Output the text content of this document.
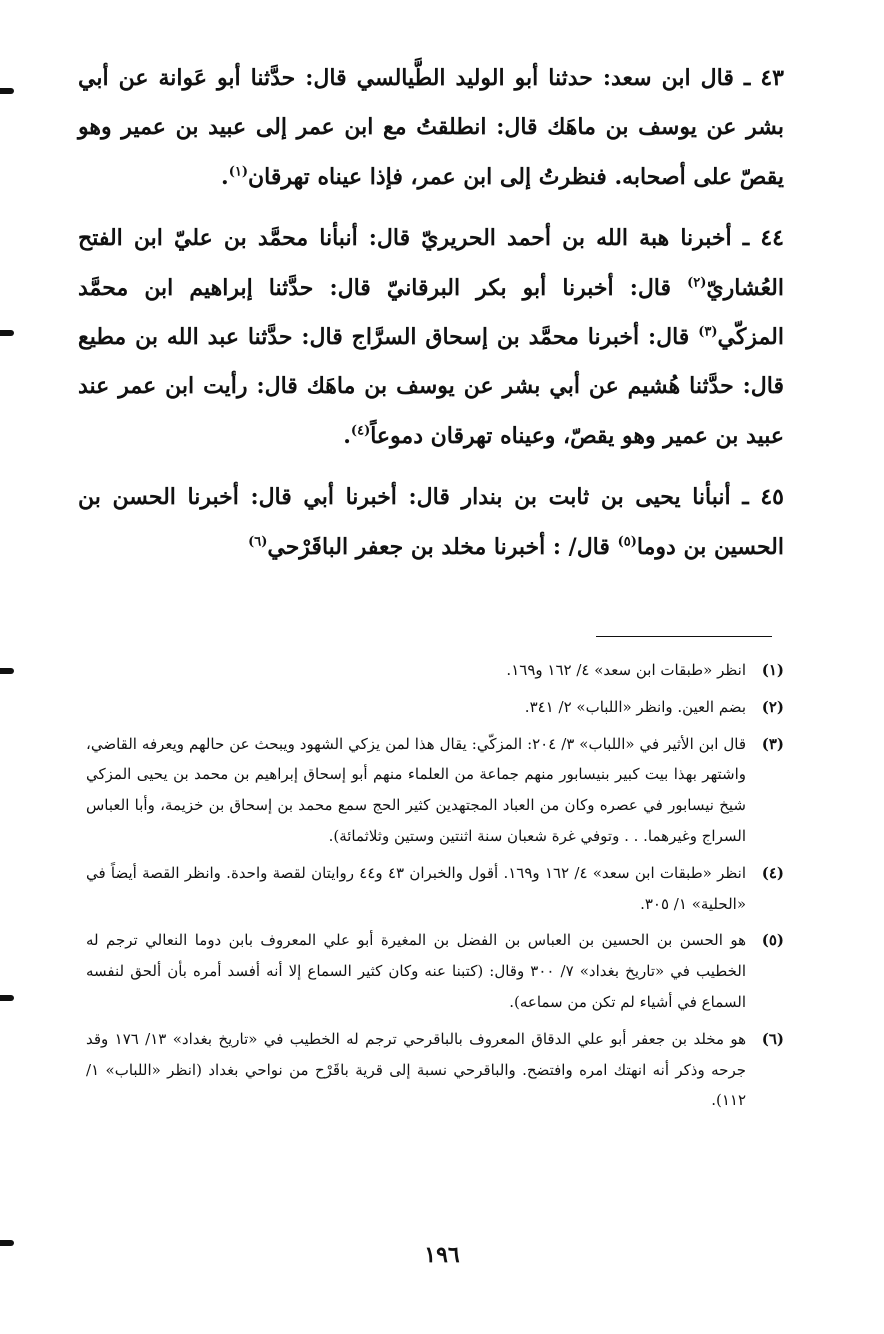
٤٣ ـ قال ابن سعد: حدثنا أبو الوليد الطَّيالسي قال: حدَّثنا أبو عَوانة عن أبي بشر عن يوسف بن ماهَك قال: انطلقتُ مع ابن عمر إلى عبيد بن عمير وهو يقصّ على أصحابه. فنظرتُ إلى ابن عمر، فإذا عيناه تهرقان$^{(١)}$.

٤٤ ـ أخبرنا هبة الله بن أحمد الحريريّ قال: أنبأنا محمَّد بن عليّ ابن الفتح العُشاريّ$^{(٢)}$ قال: أخبرنا أبو بكر البرقانيّ قال: حدَّثنا إبراهيم ابن محمَّد المزكّي$^{(٣)}$ قال: أخبرنا محمَّد بن إسحاق السرَّاج قال: حدَّثنا عبد الله بن مطيع قال: حدَّثنا هُشيم عن أبي بشر عن يوسف بن ماهَك قال: رأيت ابن عمر عند عبيد بن عمير وهو يقصّ، وعيناه تهرقان دموعاً$^{(٤)}$.

٤٥ ـ أنبأنا يحيى بن ثابت بن بندار قال: أخبرنا أبي قال: أخبرنا الحسن بن الحسين بن دوما$^{(٥)}$ قال/ : أخبرنا مخلد بن جعفر الباقَرْحي$^{(٦)}$

(١)
انظر «طبقات ابن سعد» ٤/ ١٦٢ و١٦٩.
(٢)
بضم العين. وانظر «اللباب» ٢/ ٣٤١.
(٣)
قال ابن الأثير في «اللباب» ٣/ ٢٠٤: المزكّي: يقال هذا لمن يزكي الشهود ويبحث عن حالهم ويعرفه القاضي، واشتهر بهذا بيت كبير بنيسابور منهم جماعة من العلماء منهم أبو إسحاق إبراهيم بن محمد بن يحيى المزكي شيخ نيسابور في عصره وكان من العباد المجتهدين كثير الحج سمع محمد بن إسحاق بن خزيمة، وأبا العباس السراج وغيرهما. . . وتوفي غرة شعبان سنة اثنتين وستين وثلاثمائة).
(٤)
انظر «طبقات ابن سعد» ٤/ ١٦٢ و١٦٩. أقول والخبران ٤٣ و٤٤ روايتان لقصة واحدة. وانظر القصة أيضاً في «الحلية» ١/ ٣٠٥.
(٥)
هو الحسن بن الحسين بن العباس بن الفضل بن المغيرة أبو علي المعروف بابن دوما النعالي ترجم له الخطيب في «تاريخ بغداد» ٧/ ٣٠٠ وقال: (كتبنا عنه وكان كثير السماع إلا أنه أفسد أمره بأن ألحق لنفسه السماع في أشياء لم تكن من سماعه).
(٦)
هو مخلد بن جعفر أبو علي الدقاق المعروف بالباقرحي ترجم له الخطيب في «تاريخ بغداد» ١٣/ ١٧٦ وقد جرحه وذكر أنه انهتك امره وافتضح. والباقرحي نسبة إلى قرية باقَرْح من نواحي بغداد (انظر «اللباب» ١/ ١١٢).
١٩٦
